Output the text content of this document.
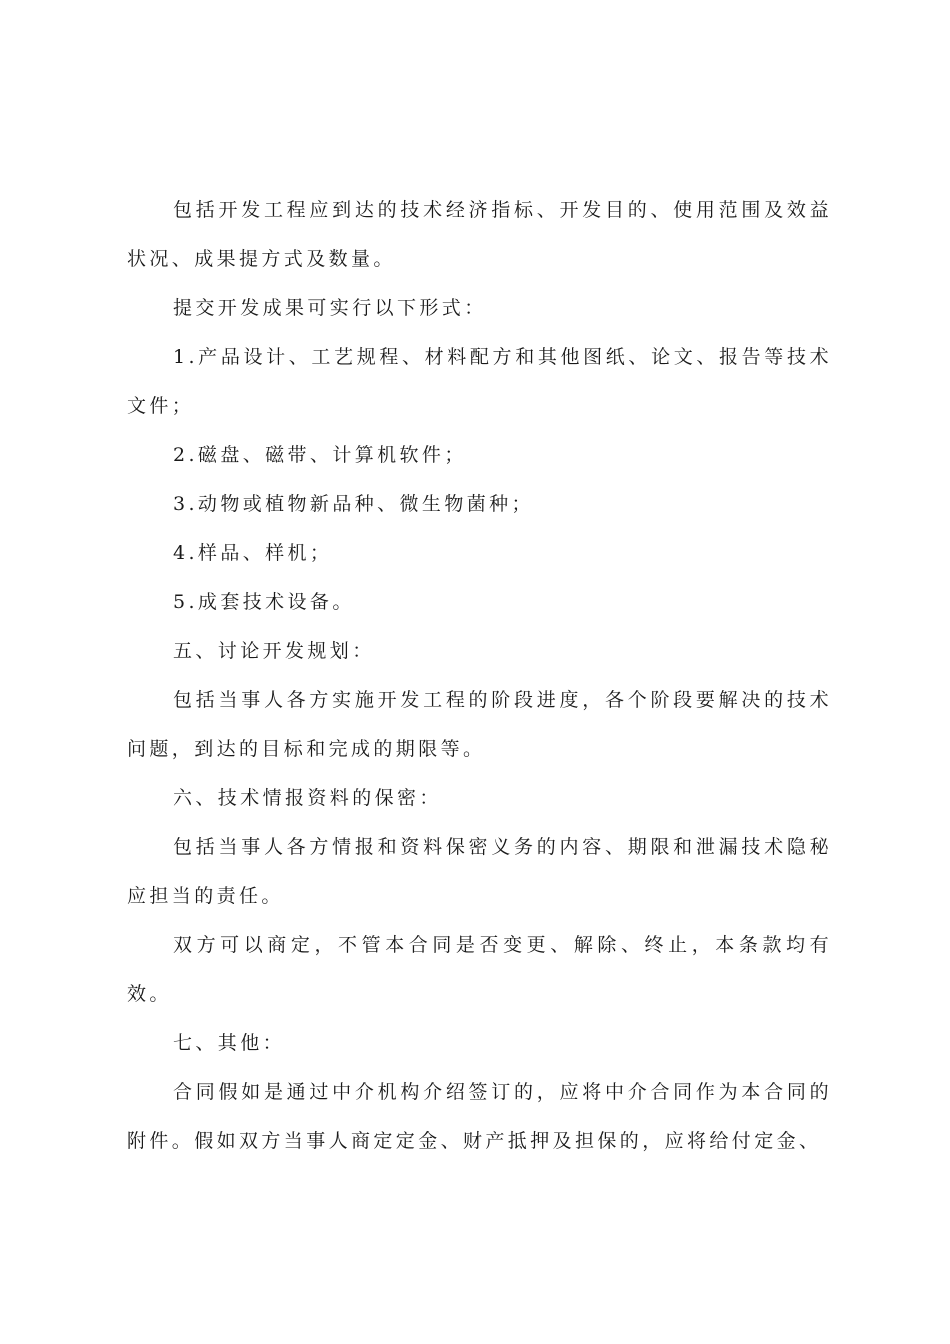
包括开发工程应到达的技术经济指标、开发目的、使用范围及效益状况、成果提方式及数量。

提交开发成果可实行以下形式：

1.产品设计、工艺规程、材料配方和其他图纸、论文、报告等技术文件；

2.磁盘、磁带、计算机软件；

3.动物或植物新品种、微生物菌种；

4.样品、样机；

5.成套技术设备。

五、讨论开发规划：

包括当事人各方实施开发工程的阶段进度，各个阶段要解决的技术问题，到达的目标和完成的期限等。

六、技术情报资料的保密：

包括当事人各方情报和资料保密义务的内容、期限和泄漏技术隐秘应担当的责任。

双方可以商定，不管本合同是否变更、解除、终止，本条款均有效。

七、其他：

合同假如是通过中介机构介绍签订的，应将中介合同作为本合同的附件。假如双方当事人商定定金、财产抵押及担保的，应将给付定金、
